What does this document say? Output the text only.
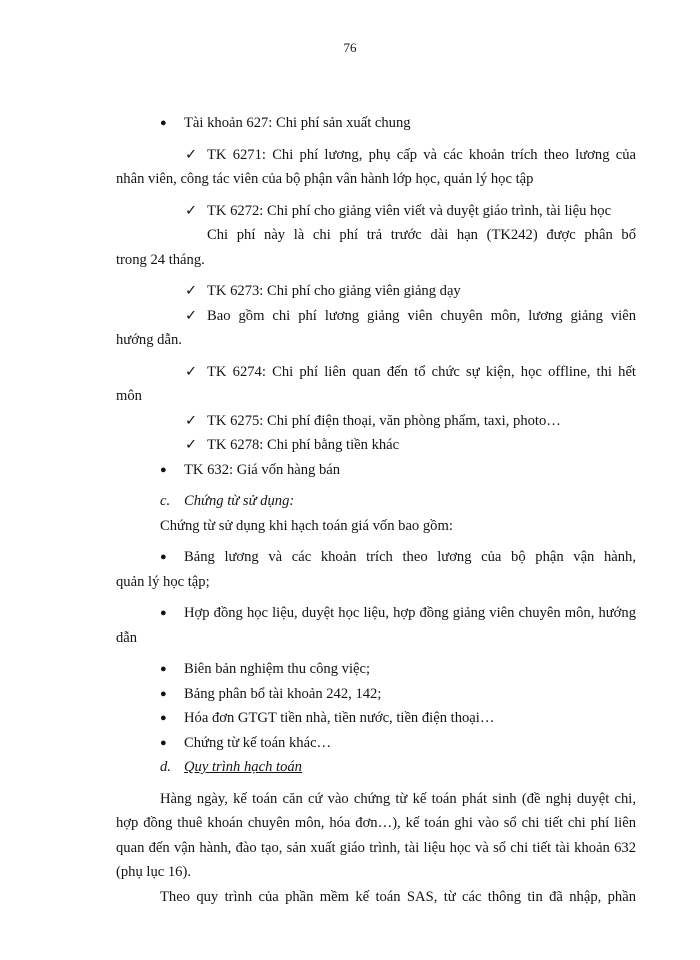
76
● Tài khoản 627: Chi phí sản xuất chung
✓ TK 6271: Chi phí lương, phụ cấp và các khoản trích theo lương của
nhân viên, công tác viên của bộ phận vân hành lớp học, quản lý học tập
✓ TK 6272: Chi phí cho giảng viên viết và duyệt giáo trình, tài liệu học
Chi phí này là chi phí trả trước dài hạn (TK242) được phân bổ
trong 24 tháng.
✓ TK 6273: Chi phí cho giảng viên giảng dạy
✓ Bao gồm chi phí lương giảng viên chuyên môn, lương giảng viên
hướng dẫn.
✓ TK 6274: Chi phí liên quan đến tổ chức sự kiện, học offline, thi hết
môn
✓ TK 6275: Chi phí điện thoại, văn phòng phẩm, taxi, photo…
✓ TK 6278: Chi phí bằng tiền khác
● TK 632: Giá vốn hàng bán
c. Chứng từ sử dụng:
Chứng từ sử dụng khi hạch toán giá vốn bao gồm:
● Bảng lương và các khoản trích theo lương của bộ phận vận hành,
quản lý học tập;
● Hợp đồng học liệu, duyệt học liệu, hợp đồng giảng viên chuyên môn, hướng
dẫn
● Biên bản nghiệm thu công việc;
● Bảng phân bổ tài khoản 242, 142;
● Hóa đơn GTGT tiền nhà, tiền nước, tiền điện thoại…
● Chứng từ kế toán khác…
d. Quy trình hạch toán
Hàng ngày, kế toán căn cứ vào chứng từ kế toán phát sinh (đề nghị duyệt chi, hợp đồng thuê khoán chuyên môn, hóa đơn…), kế toán ghi vào sổ chi tiết chi phí liên quan đến vận hành, đào tạo, sản xuất giáo trình, tài liệu học và sổ chi tiết tài khoản 632 (phụ lục 16).
Theo quy trình của phần mềm kế toán SAS, từ các thông tin đã nhập, phần
